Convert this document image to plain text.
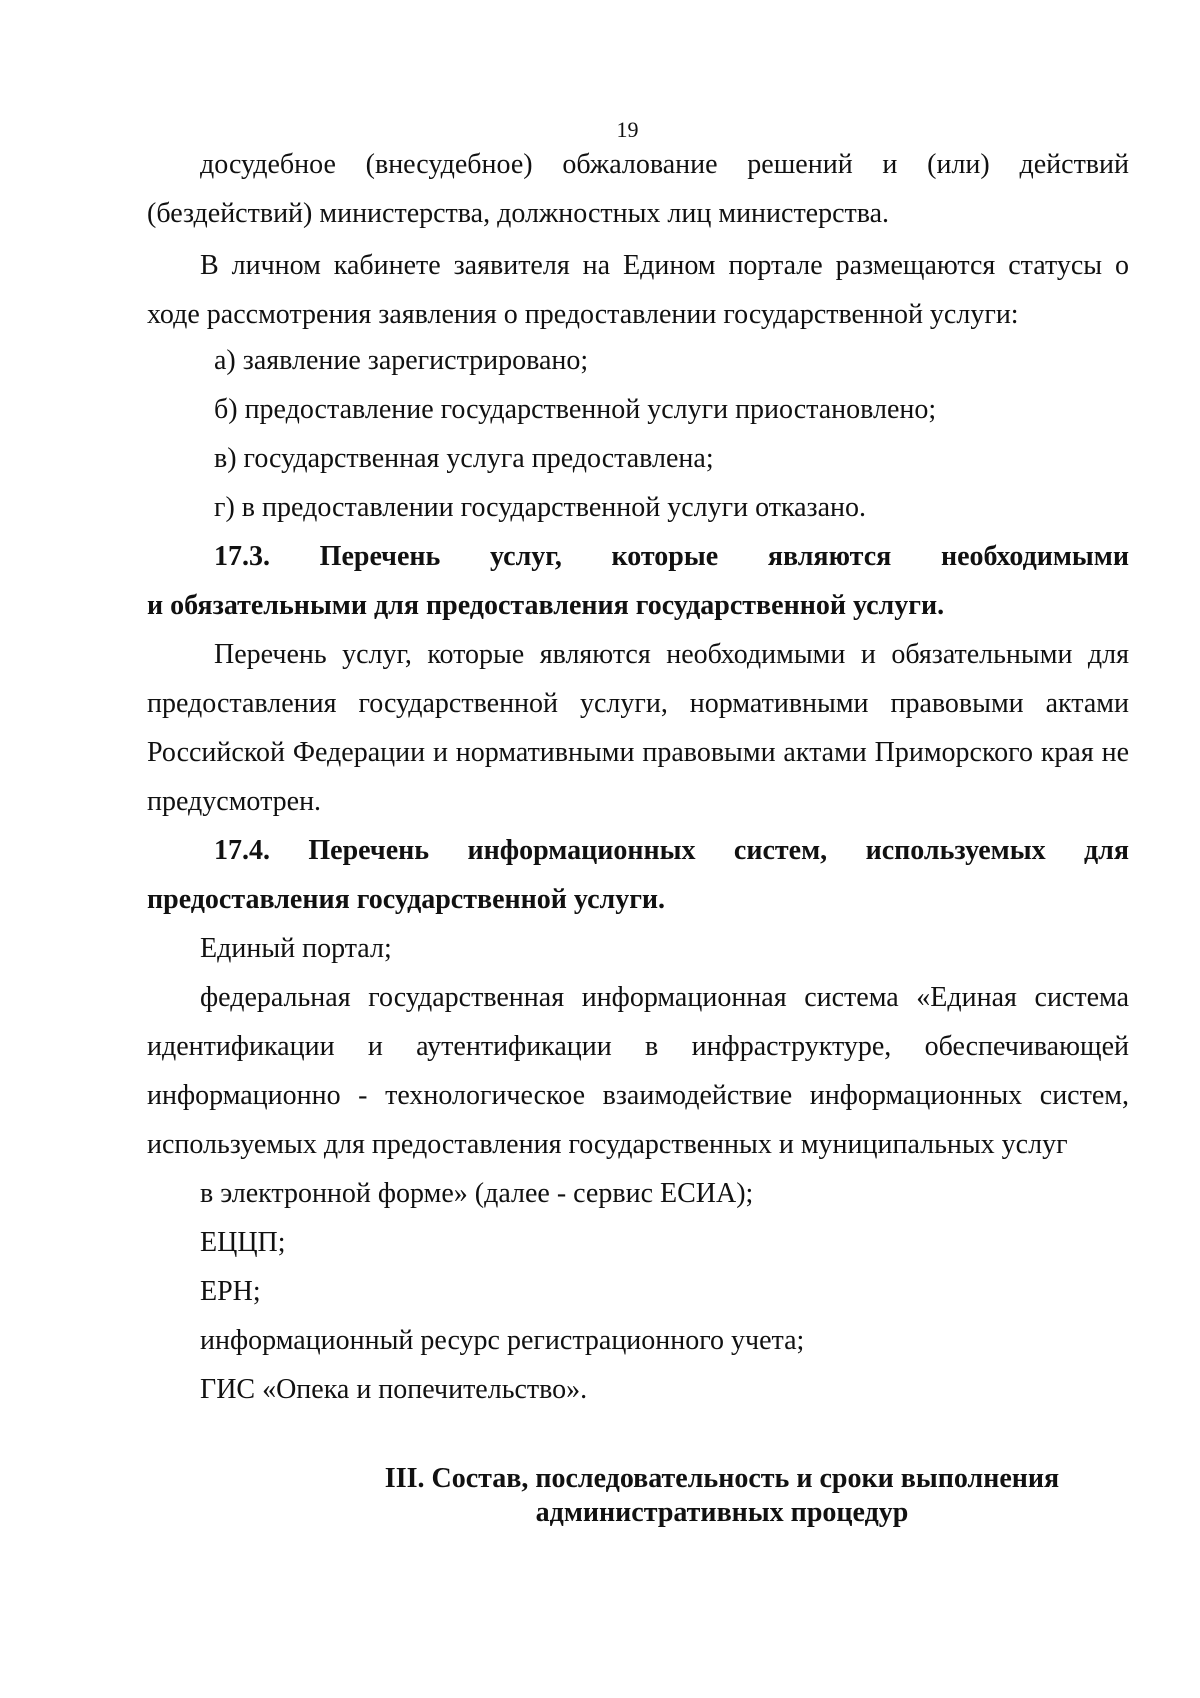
19

досудебное (внесудебное) обжалование решений и (или) действий

(бездействий) министерства, должностных лиц министерства.

В личном кабинете заявителя на Едином портале размещаются статусы о ходе рассмотрения заявления о предоставлении государственной услуги:

а) заявление зарегистрировано;

б) предоставление государственной услуги приостановлено;

в) государственная услуга предоставлена;

г) в предоставлении государственной услуги отказано.

17.3. Перечень услуг, которые являются необходимыми
и обязательными для предоставления государственной услуги.

Перечень услуг, которые являются необходимыми и обязательными для предоставления государственной услуги, нормативными правовыми актами Российской Федерации и нормативными правовыми актами Приморского края не предусмотрен.

17.4. Перечень информационных систем, используемых для
предоставления государственной услуги.

Единый портал;

федеральная государственная информационная система «Единая система идентификации и аутентификации в инфраструктуре, обеспечивающей информационно - технологическое взаимодействие информационных систем, используемых для предоставления государственных и муниципальных услуг

в электронной форме» (далее - сервис ЕСИА);

ЕЦЦП;

ЕРН;

информационный ресурс регистрационного учета;

ГИС «Опека и попечительство».

III. Состав, последовательность и сроки выполнения
административных процедур
